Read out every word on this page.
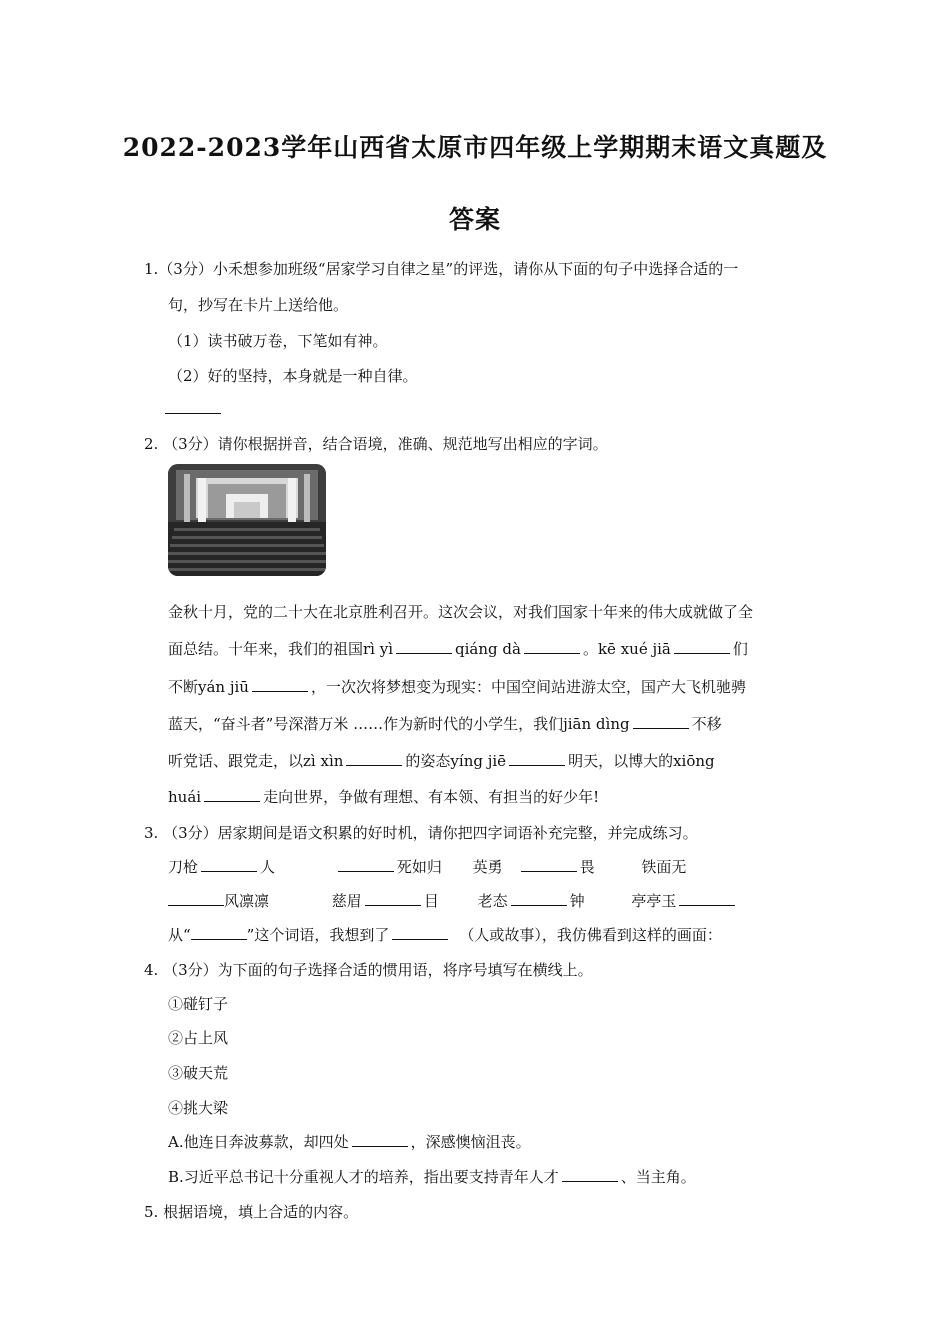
2022-2023学年山西省太原市四年级上学期期末语文真题及
答案
1.（3分）小禾想参加班级“居家学习自律之星”的评选，请你从下面的句子中选择合适的一
句，抄写在卡片上送给他。
（1）读书破万卷，下笔如有神。
（2）好的坚持，本身就是一种自律。
2. （3分）请你根据拼音，结合语境，准确、规范地写出相应的字词。
金秋十月，党的二十大在北京胜利召开。这次会议，对我们国家十年来的伟大成就做了全
面总结。十年来，我们的祖国rì yì	qiáng dà	。kē xué jiā	们
不断yán jiū	，一次次将梦想变为现实：中国空间站进游太空，国产大飞机驰骋
蓝天，“奋斗者”号深潜万米 ……作为新时代的小学生，我们jiān dìng	不移
听党话、跟党走，以zì xìn	的姿态yíng jiē	明天，以博大的xiōng
huái	走向世界，争做有理想、有本领、有担当的好少年!
3. （3分）居家期间是语文积累的好时机，请你把四字词语补充完整，并完成练习。
刀枪	人	死如归 英勇	畏	铁面无
风凛凛	慈眉	目	老态	钟	亭亭玉
从“	”这个词语，我想到了	（人或故事），我仿佛看到这样的画面：
4. （3分）为下面的句子选择合适的惯用语，将序号填写在横线上。
①碰钉子
②占上风
③破天荒
④挑大梁
A.他连日奔波募款，却四处	，深感懊恼沮丧。
B.习近平总书记十分重视人才的培养，指出要支持青年人才	、当主角。
5. 根据语境，填上合适的内容。
